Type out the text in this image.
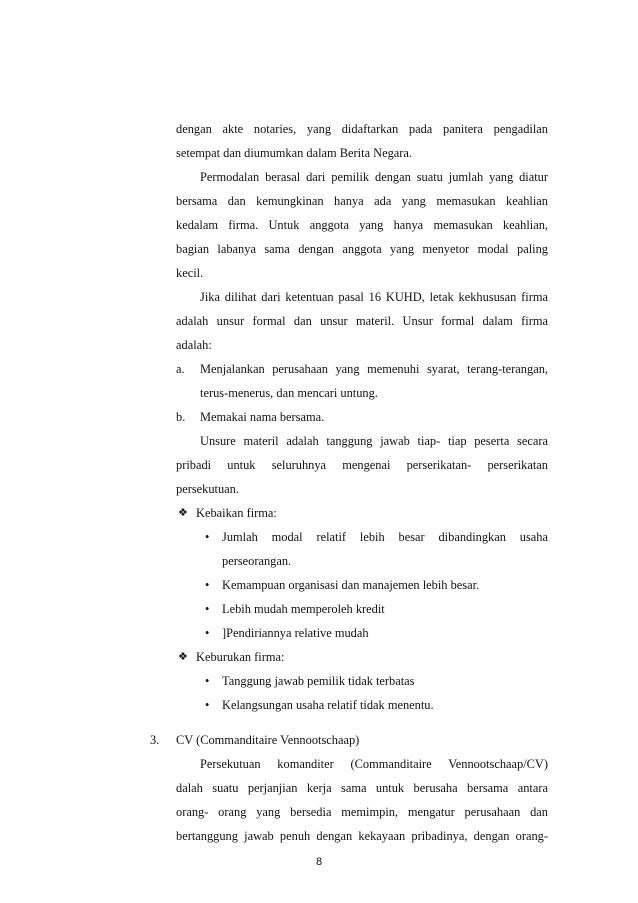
dengan akte notaries, yang didaftarkan pada panitera pengadilan
setempat dan diumumkan dalam Berita Negara.
Permodalan berasal dari pemilik dengan suatu jumlah yang diatur
bersama dan kemungkinan hanya ada yang memasukan keahlian
kedalam firma. Untuk anggota yang hanya memasukan keahlian,
bagian labanya sama dengan anggota yang menyetor modal paling
kecil.
Jika dilihat dari ketentuan pasal 16 KUHD, letak kekhususan firma
adalah unsur formal dan unsur materil. Unsur formal dalam firma
adalah:
a. Menjalankan perusahaan yang memenuhi syarat, terang-terangan,
terus-menerus, dan mencari untung.
b. Memakai nama bersama.
Unsure materil adalah tanggung jawab tiap- tiap peserta secara
pribadi untuk seluruhnya mengenai perserikatan- perserikatan
persekutuan.
❖ Kebaikan firma:
• Jumlah modal relatif lebih besar dibandingkan usaha
perseorangan.
• Kemampuan organisasi dan manajemen lebih besar.
• Lebih mudah memperoleh kredit
• ]Pendiriannya relative mudah
❖ Keburukan firma:
• Tanggung jawab pemilik tidak terbatas
• Kelangsungan usaha relatif tidak menentu.
3. CV (Commanditaire Vennootschaap)
Persekutuan komanditer (Commanditaire Vennootschaap/CV)
dalah suatu perjanjian kerja sama untuk berusaha bersama antara
orang- orang yang bersedia memimpin, mengatur perusahaan dan
bertanggung jawab penuh dengan kekayaan pribadinya, dengan orang-
8
